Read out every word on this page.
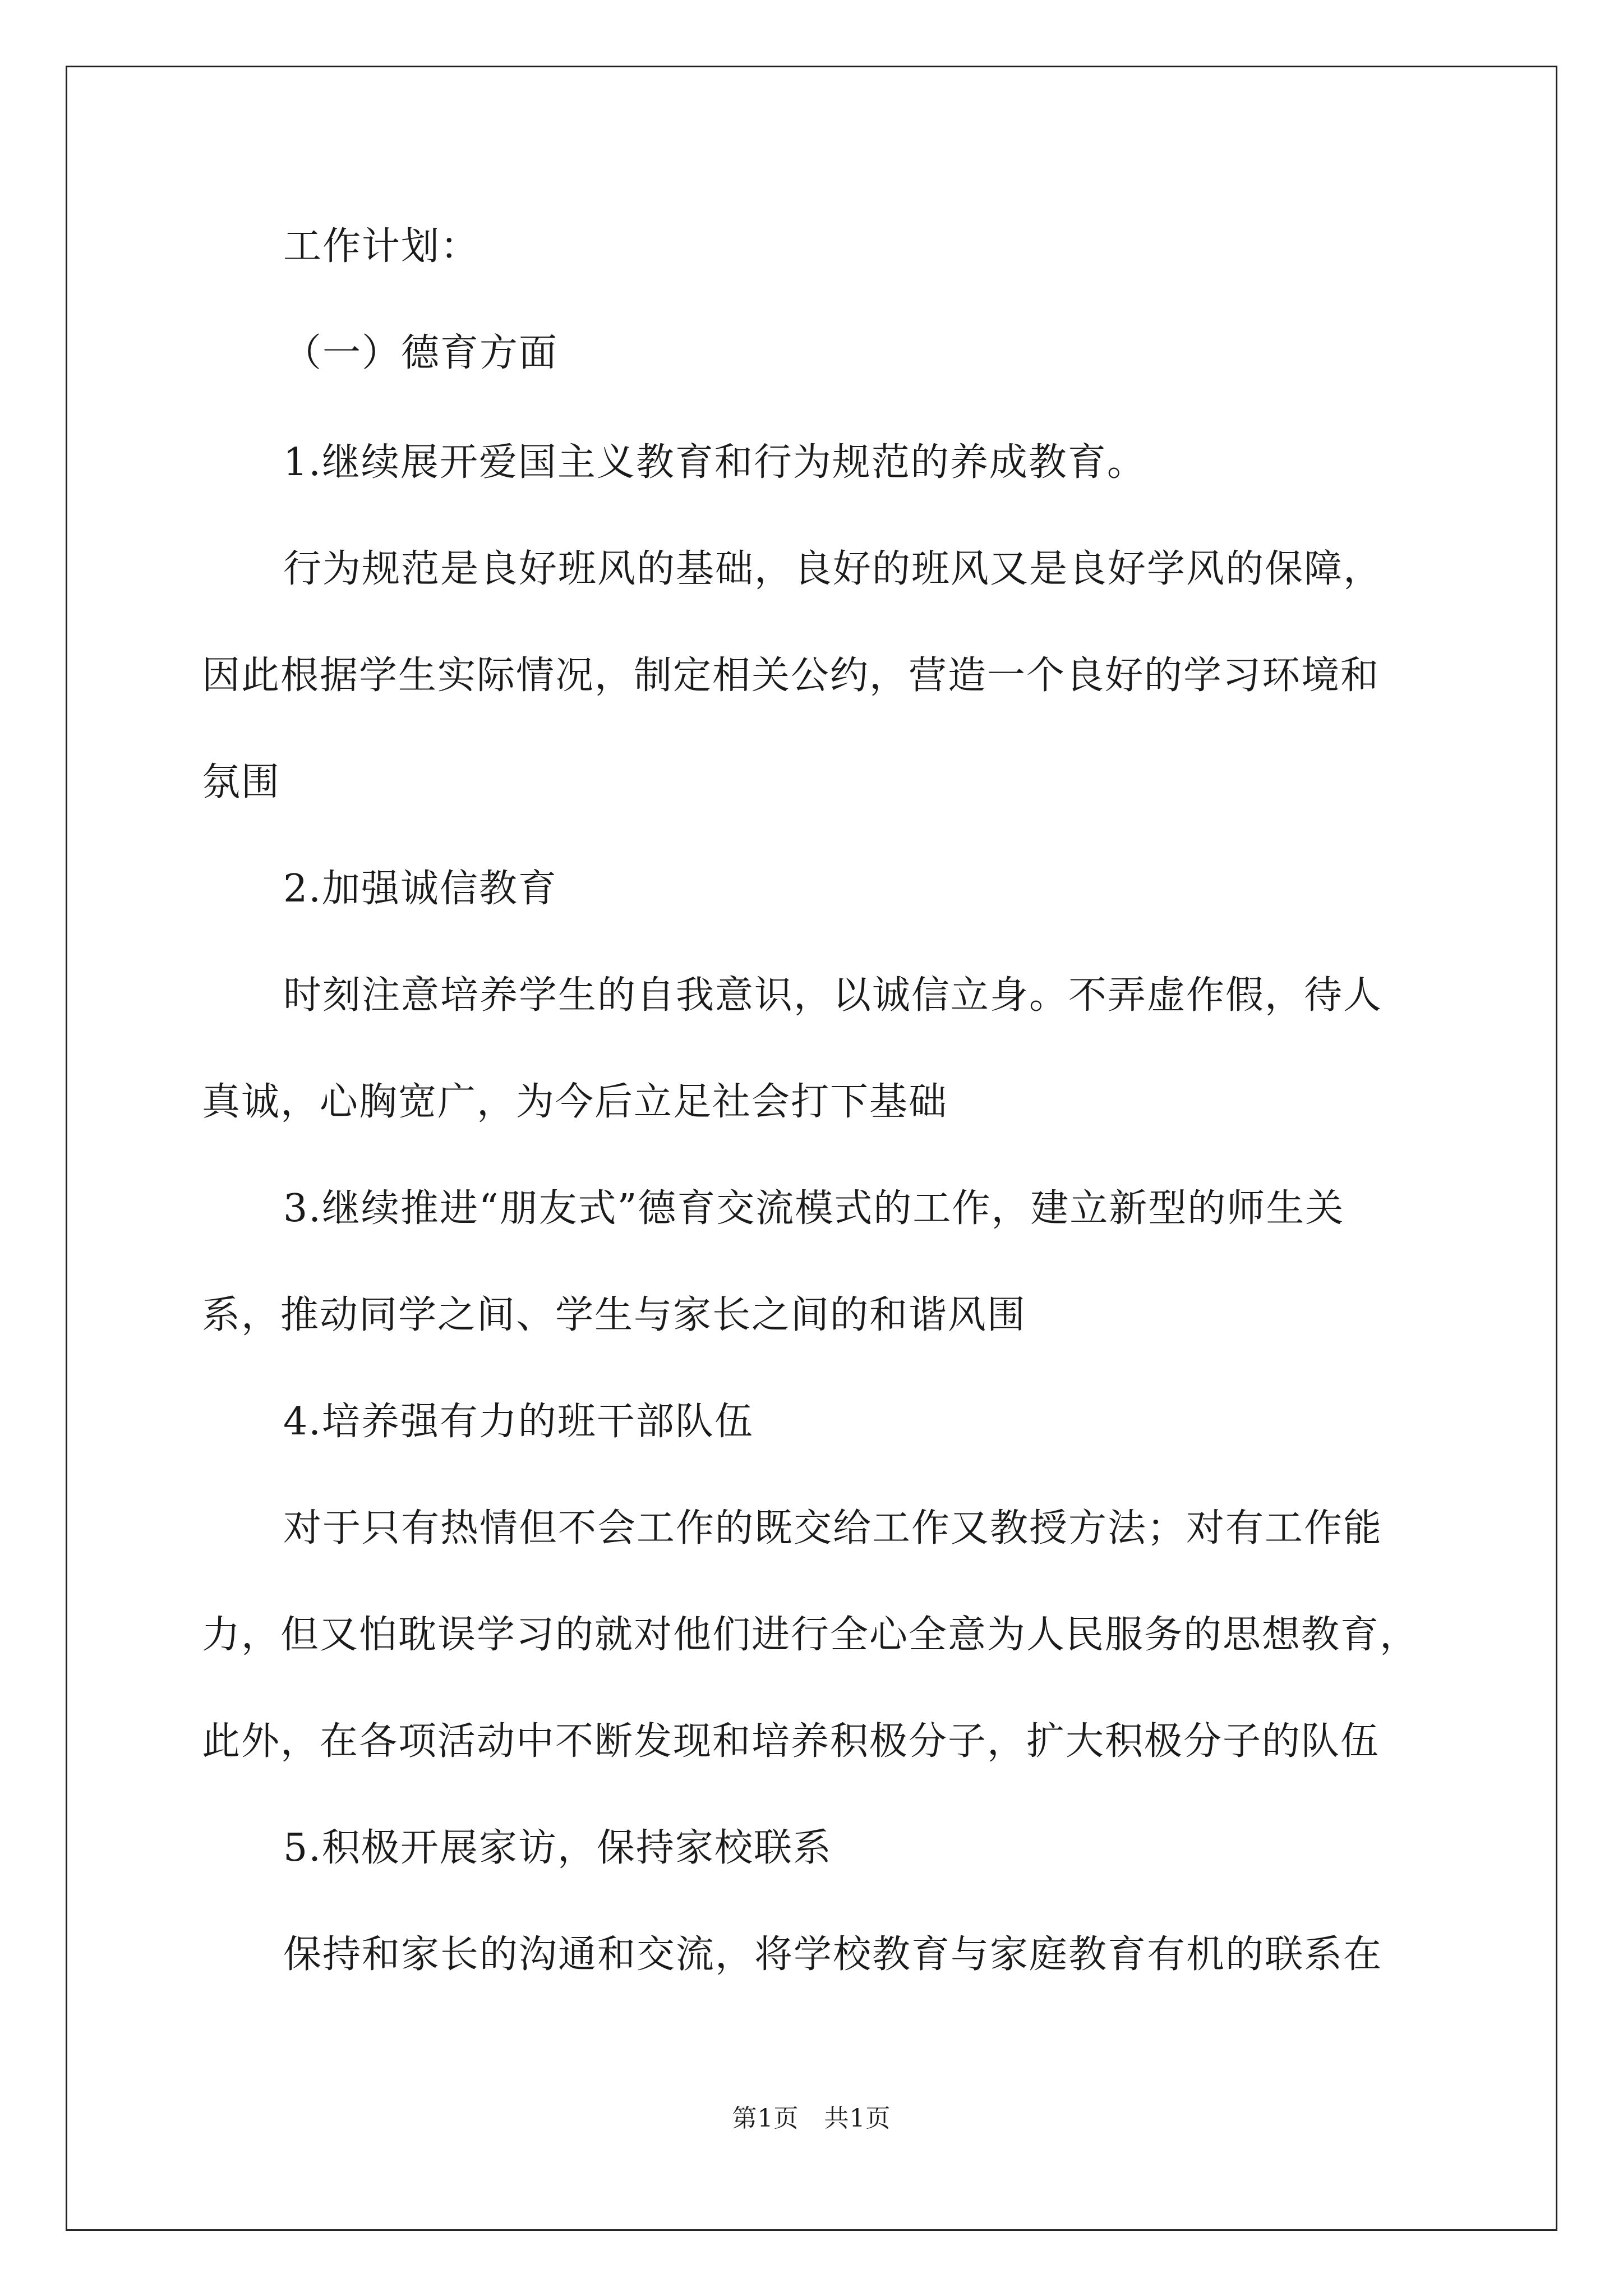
工作计划：
（一）德育方面
1.继续展开爱国主义教育和行为规范的养成教育。
行为规范是良好班风的基础，良好的班风又是良好学风的保障，
因此根据学生实际情况，制定相关公约，营造一个良好的学习环境和
氛围
2.加强诚信教育
时刻注意培养学生的自我意识，以诚信立身。不弄虚作假，待人
真诚，心胸宽广，为今后立足社会打下基础
3.继续推进“朋友式”德育交流模式的工作，建立新型的师生关
系，推动同学之间、学生与家长之间的和谐风围
4.培养强有力的班干部队伍
对于只有热情但不会工作的既交给工作又教授方法；对有工作能
力，但又怕耽误学习的就对他们进行全心全意为人民服务的思想教育，
此外，在各项活动中不断发现和培养积极分子，扩大积极分子的队伍
5.积极开展家访，保持家校联系
保持和家长的沟通和交流，将学校教育与家庭教育有机的联系在
第1页　共1页
